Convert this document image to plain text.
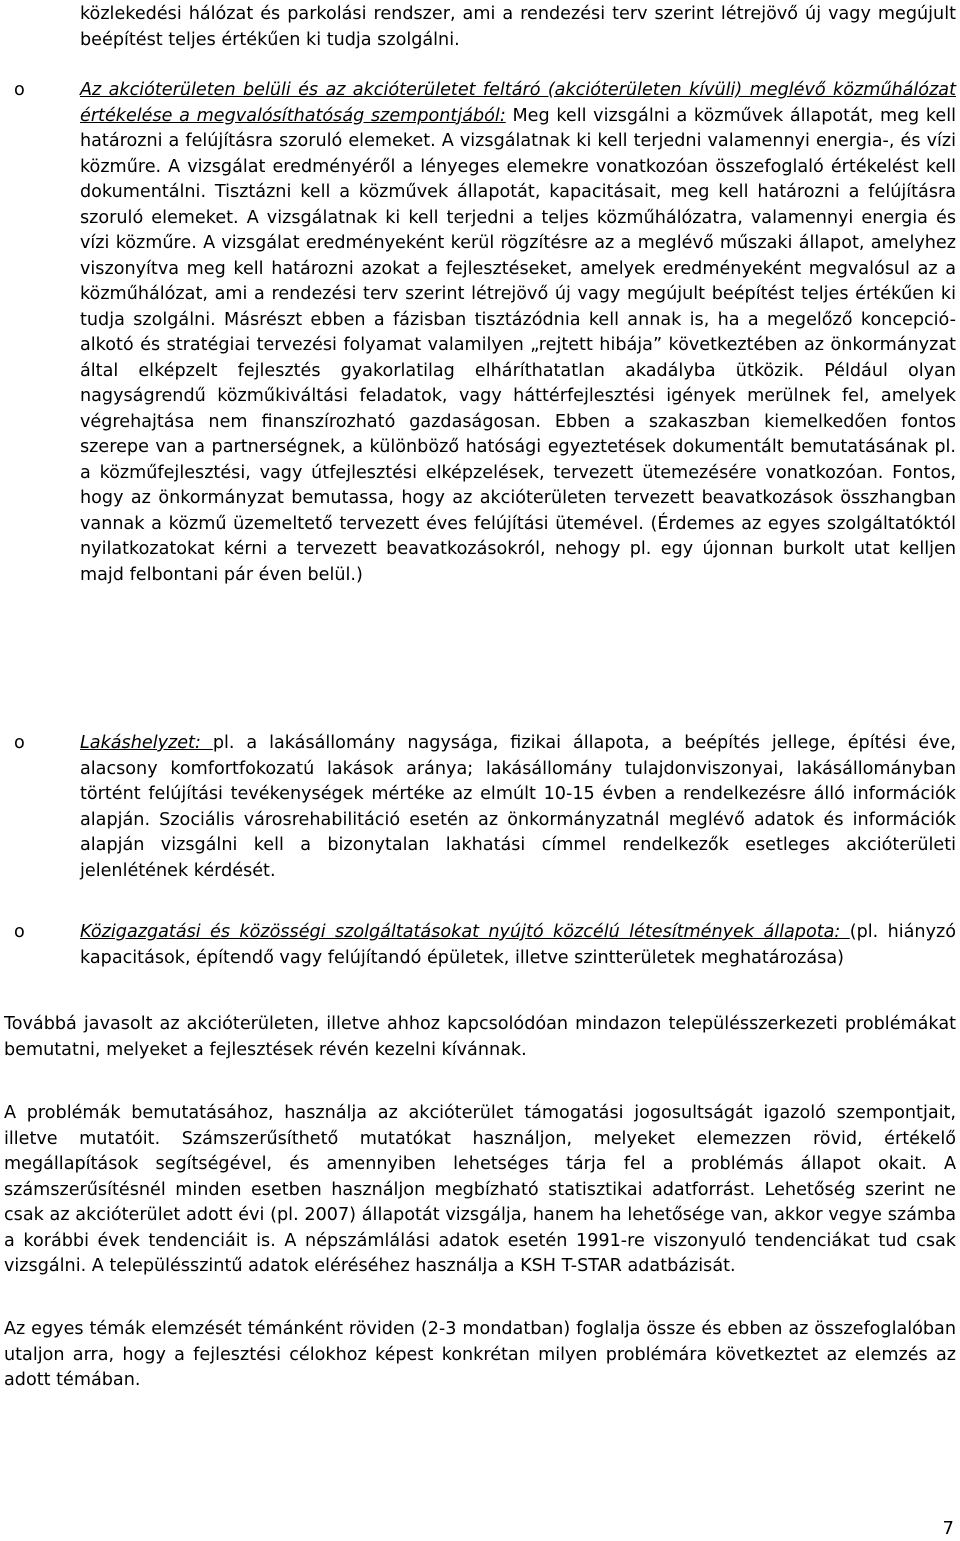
közlekedési hálózat és parkolási rendszer, ami a rendezési terv szerint létrejövő új vagy megújult beépítést teljes értékűen ki tudja szolgálni.

o	Az akcióterületen belüli és az akcióterületet feltáró (akcióterületen kívüli) meglévő közműhálózat értékelése a megvalósíthatóság szempontjából: Meg kell vizsgálni a közművek állapotát, meg kell határozni a felújításra szoruló elemeket. A vizsgálatnak ki kell terjedni valamennyi energia-, és vízi közműre. A vizsgálat eredményéről a lényeges elemekre vonatkozóan összefoglaló értékelést kell dokumentálni. Tisztázni kell a közművek állapotát, kapacitásait, meg kell határozni a felújításra szoruló elemeket. A vizsgálatnak ki kell terjedni a teljes közműhálózatra, valamennyi energia és vízi közműre. A vizsgálat eredményeként kerül rögzítésre az a meglévő műszaki állapot, amelyhez viszonyítva meg kell határozni azokat a fejlesztéseket, amelyek eredményeként megvalósul az a közműhálózat, ami a rendezési terv szerint létrejövő új vagy megújult beépítést teljes értékűen ki tudja szolgálni. Másrészt ebben a fázisban tisztázódnia kell annak is, ha a megelőző koncepció-alkotó és stratégiai tervezési folyamat valamilyen „rejtett hibája” következtében az önkormányzat által elképzelt fejlesztés gyakorlatilag elháríthatatlan akadályba ütközik. Például olyan nagyságrendű közműkiváltási feladatok, vagy háttérfejlesztési igények merülnek fel, amelyek végrehajtása nem finanszírozható gazdaságosan. Ebben a szakaszban kiemelkedően fontos szerepe van a partnerségnek, a különböző hatósági egyeztetések dokumentált bemutatásának pl. a közműfejlesztési, vagy útfejlesztési elképzelések, tervezett ütemezésére vonatkozóan. Fontos, hogy az önkormányzat bemutassa, hogy az akcióterületen tervezett beavatkozások összhangban vannak a közmű üzemeltető tervezett éves felújítási ütemével. (Érdemes az egyes szolgáltatóktól nyilatkozatokat kérni a tervezett beavatkozásokról, nehogy pl. egy újonnan burkolt utat kelljen majd felbontani pár éven belül.)

o	Lakáshelyzet: pl. a lakásállomány nagysága, fizikai állapota, a beépítés jellege, építési éve, alacsony komfortfokozatú lakások aránya; lakásállomány tulajdonviszonyai, lakásállományban történt felújítási tevékenységek mértéke az elmúlt 10-15 évben a rendelkezésre álló információk alapján. Szociális városrehabilitáció esetén az önkormányzatnál meglévő adatok és információk alapján vizsgálni kell a bizonytalan lakhatási címmel rendelkezők esetleges akcióterületi jelenlétének kérdését.

o	Közigazgatási és közösségi szolgáltatásokat nyújtó közcélú létesítmények állapota: (pl. hiányzó kapacitások, építendő vagy felújítandó épületek, illetve szintterületek meghatározása)

Továbbá javasolt az akcióterületen, illetve ahhoz kapcsolódóan mindazon településszerkezeti problémákat bemutatni, melyeket a fejlesztések révén kezelni kívánnak.

A problémák bemutatásához, használja az akcióterület támogatási jogosultságát igazoló szempontjait, illetve mutatóit. Számszerűsíthető mutatókat használjon, melyeket elemezzen rövid, értékelő megállapítások segítségével, és amennyiben lehetséges tárja fel a problémás állapot okait. A számszerűsítésnél minden esetben használjon megbízható statisztikai adatforrást. Lehetőség szerint ne csak az akcióterület adott évi (pl. 2007) állapotát vizsgálja, hanem ha lehetősége van, akkor vegye számba a korábbi évek tendenciáit is. A népszámlálási adatok esetén 1991-re viszonyuló tendenciákat tud csak vizsgálni. A településszintű adatok eléréséhez használja a KSH T-STAR adatbázisát.

Az egyes témák elemzését témánként röviden (2-3 mondatban) foglalja össze és ebben az összefoglalóban utaljon arra, hogy a fejlesztési célokhoz képest konkrétan milyen problémára következtet az elemzés az adott témában.

7
